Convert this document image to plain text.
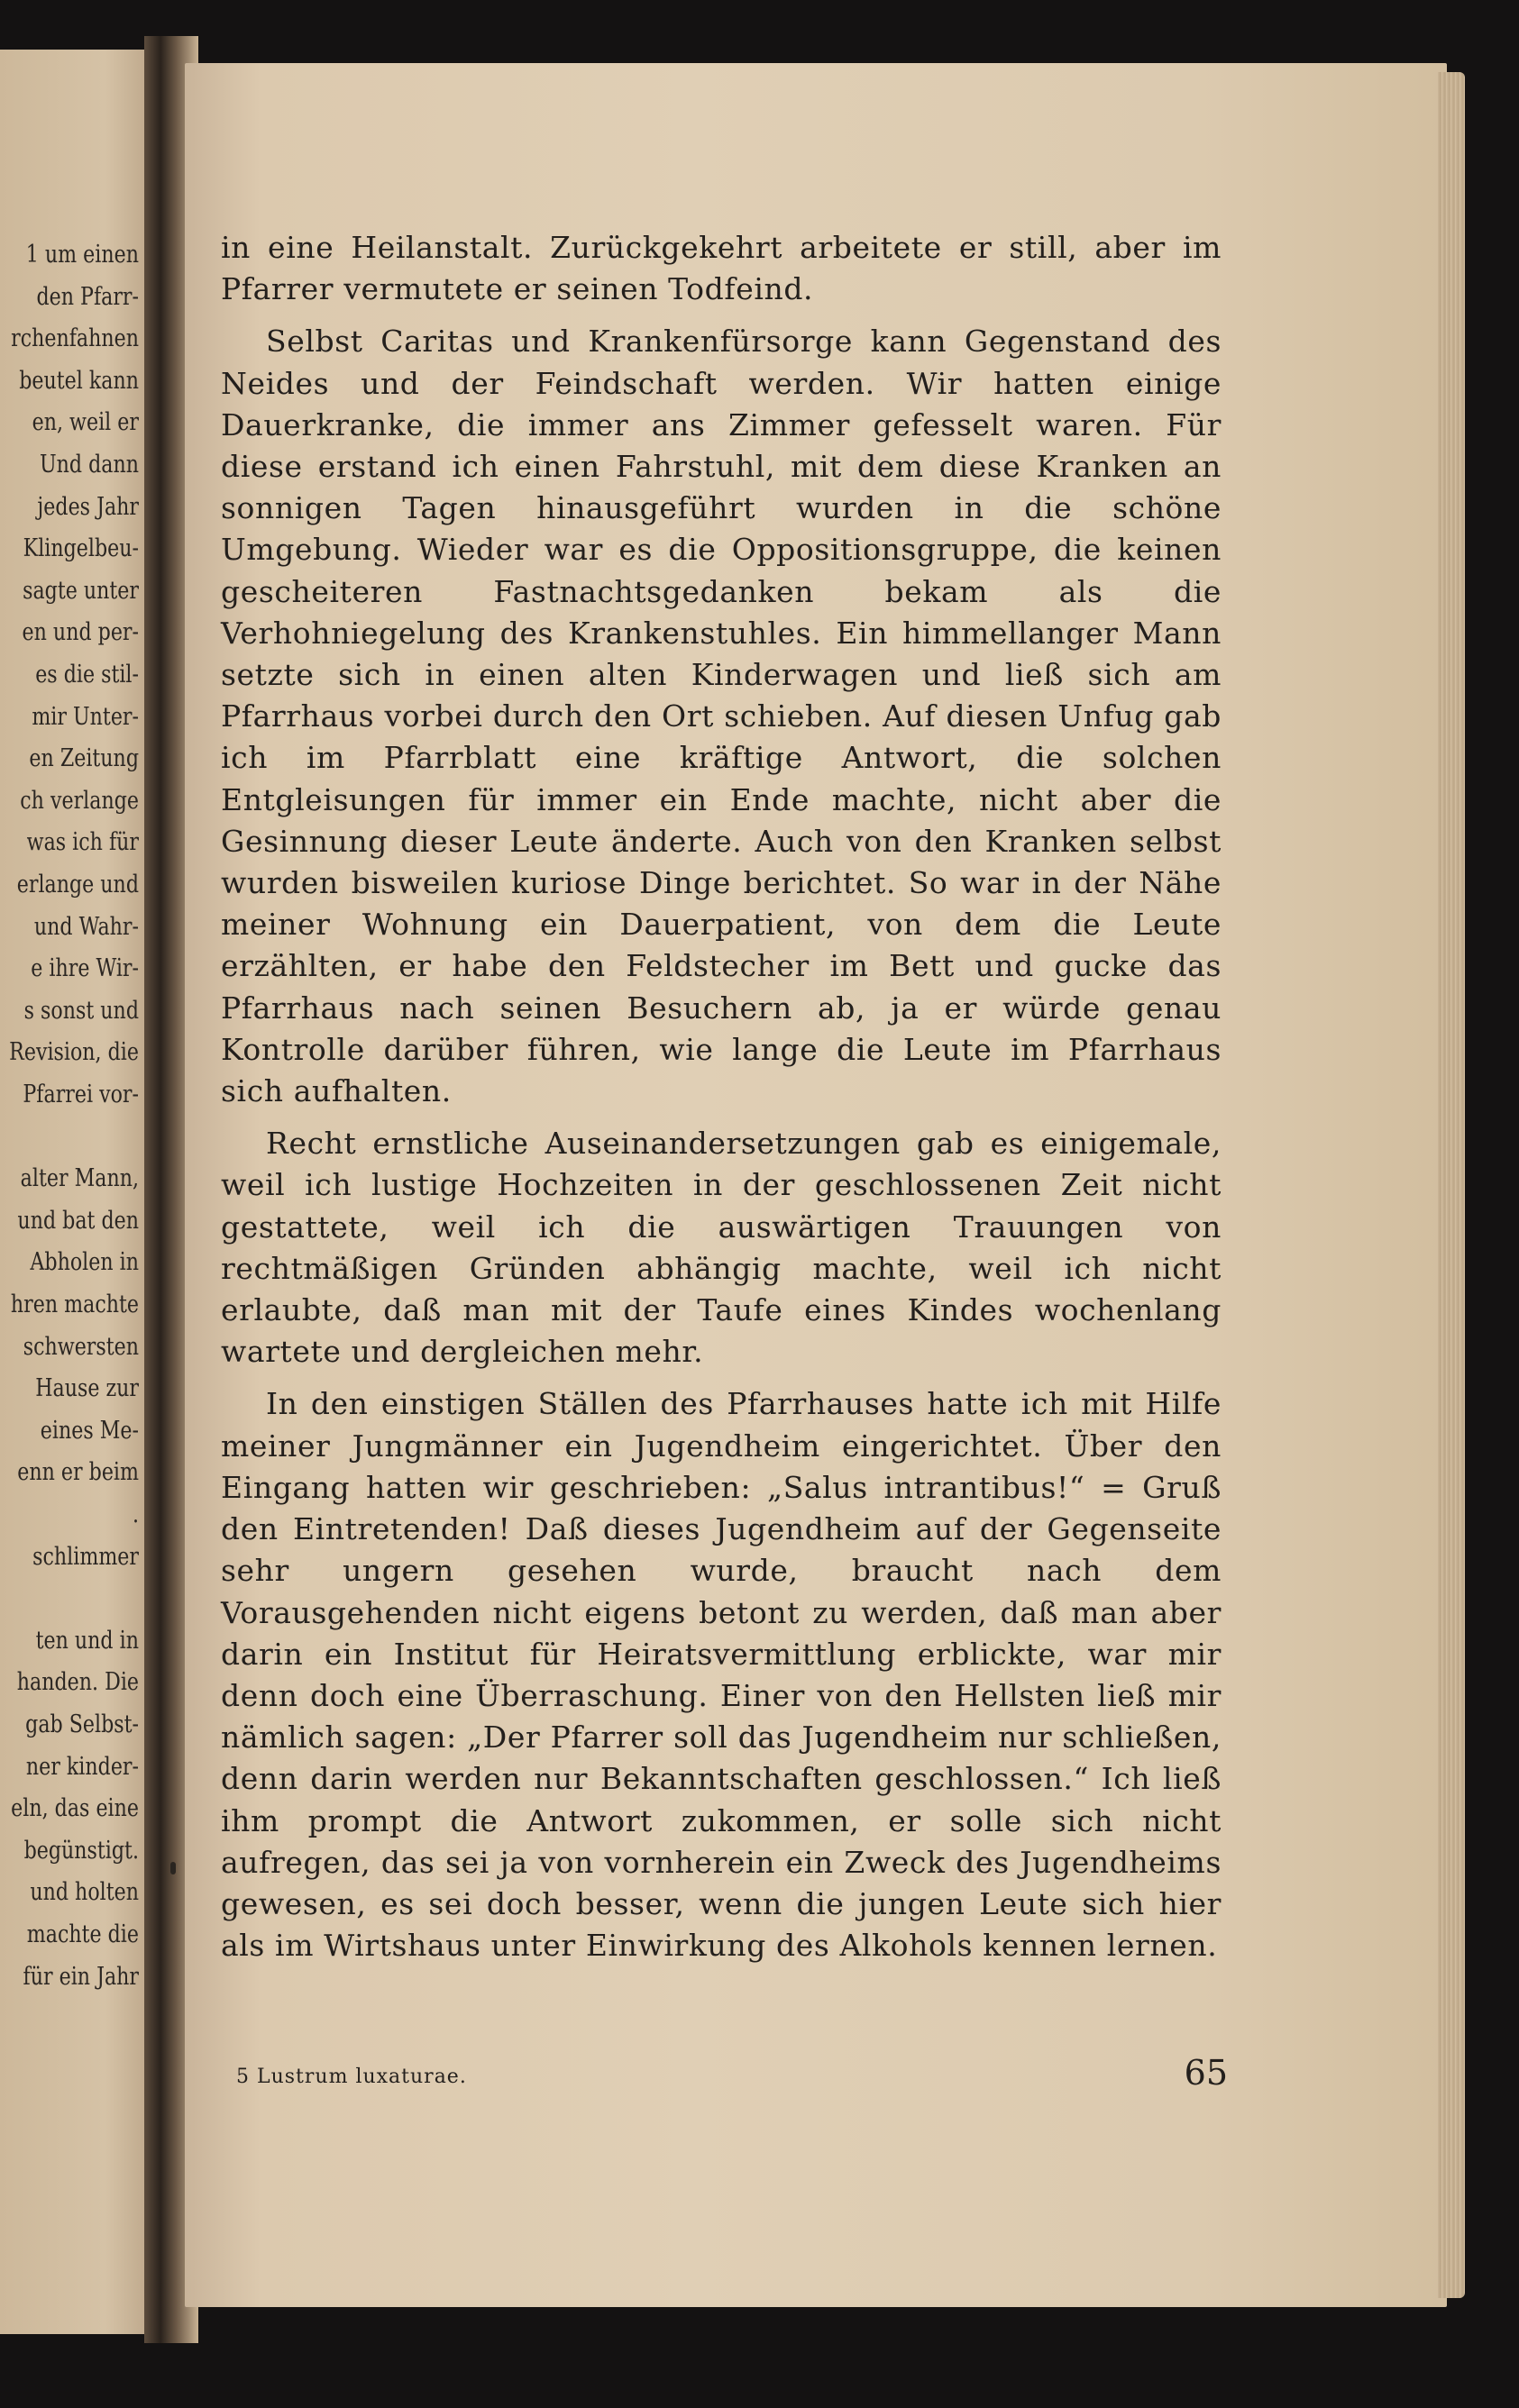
1 um einen
den Pfarr-
rchenfahnen
beutel kann
en, weil er
Und dann
jedes Jahr
Klingelbeu-
sagte unter
en und per-
es die stil-
mir Unter-
en Zeitung
ch verlange
was ich für
erlange und
und Wahr-
e ihre Wir-
s sonst und
Revision, die
Pfarrei vor-
alter Mann,
und bat den
Abholen in
hren machte
schwersten
Hause zur
eines Me-
enn er beim
.
schlimmer
ten und in
handen. Die
gab Selbst-
ner kinder-
eln, das eine
begünstigt.
und holten
machte die
für ein Jahr

in eine Heilanstalt. Zurückgekehrt arbeitete er still, aber im Pfarrer vermutete er seinen Todfeind.

Selbst Caritas und Krankenfürsorge kann Gegenstand des Neides und der Feindschaft werden. Wir hatten einige Dauerkranke, die immer ans Zimmer gefesselt waren. Für diese erstand ich einen Fahrstuhl, mit dem diese Kranken an sonnigen Tagen hinausgeführt wurden in die schöne Umgebung. Wieder war es die Oppositionsgruppe, die keinen gescheiteren Fastnachtsgedanken bekam als die Verhohniegelung des Krankenstuhles. Ein himmellanger Mann setzte sich in einen alten Kinderwagen und ließ sich am Pfarrhaus vorbei durch den Ort schieben. Auf diesen Unfug gab ich im Pfarrblatt eine kräftige Antwort, die solchen Entgleisungen für immer ein Ende machte, nicht aber die Gesinnung dieser Leute änderte. Auch von den Kranken selbst wurden bisweilen kuriose Dinge berichtet. So war in der Nähe meiner Wohnung ein Dauerpatient, von dem die Leute erzählten, er habe den Feldstecher im Bett und gucke das Pfarrhaus nach seinen Besuchern ab, ja er würde genau Kontrolle darüber führen, wie lange die Leute im Pfarrhaus sich aufhalten.

Recht ernstliche Auseinandersetzungen gab es einigemale, weil ich lustige Hochzeiten in der geschlossenen Zeit nicht gestattete, weil ich die auswärtigen Trauungen von rechtmäßigen Gründen abhängig machte, weil ich nicht erlaubte, daß man mit der Taufe eines Kindes wochenlang wartete und dergleichen mehr.

In den einstigen Ställen des Pfarrhauses hatte ich mit Hilfe meiner Jungmänner ein Jugendheim eingerichtet. Über den Eingang hatten wir geschrieben: „Salus intrantibus!“ = Gruß den Eintretenden! Daß dieses Jugendheim auf der Gegenseite sehr ungern gesehen wurde, braucht nach dem Vorausgehenden nicht eigens betont zu werden, daß man aber darin ein Institut für Heiratsvermittlung erblickte, war mir denn doch eine Überraschung. Einer von den Hellsten ließ mir nämlich sagen: „Der Pfarrer soll das Jugendheim nur schließen, denn darin werden nur Bekanntschaften geschlossen.“ Ich ließ ihm prompt die Antwort zukommen, er solle sich nicht aufregen, das sei ja von vornherein ein Zweck des Jugendheims gewesen, es sei doch besser, wenn die jungen Leute sich hier als im Wirtshaus unter Einwirkung des Alkohols kennen lernen.

5 Lustrum luxaturae.	65
